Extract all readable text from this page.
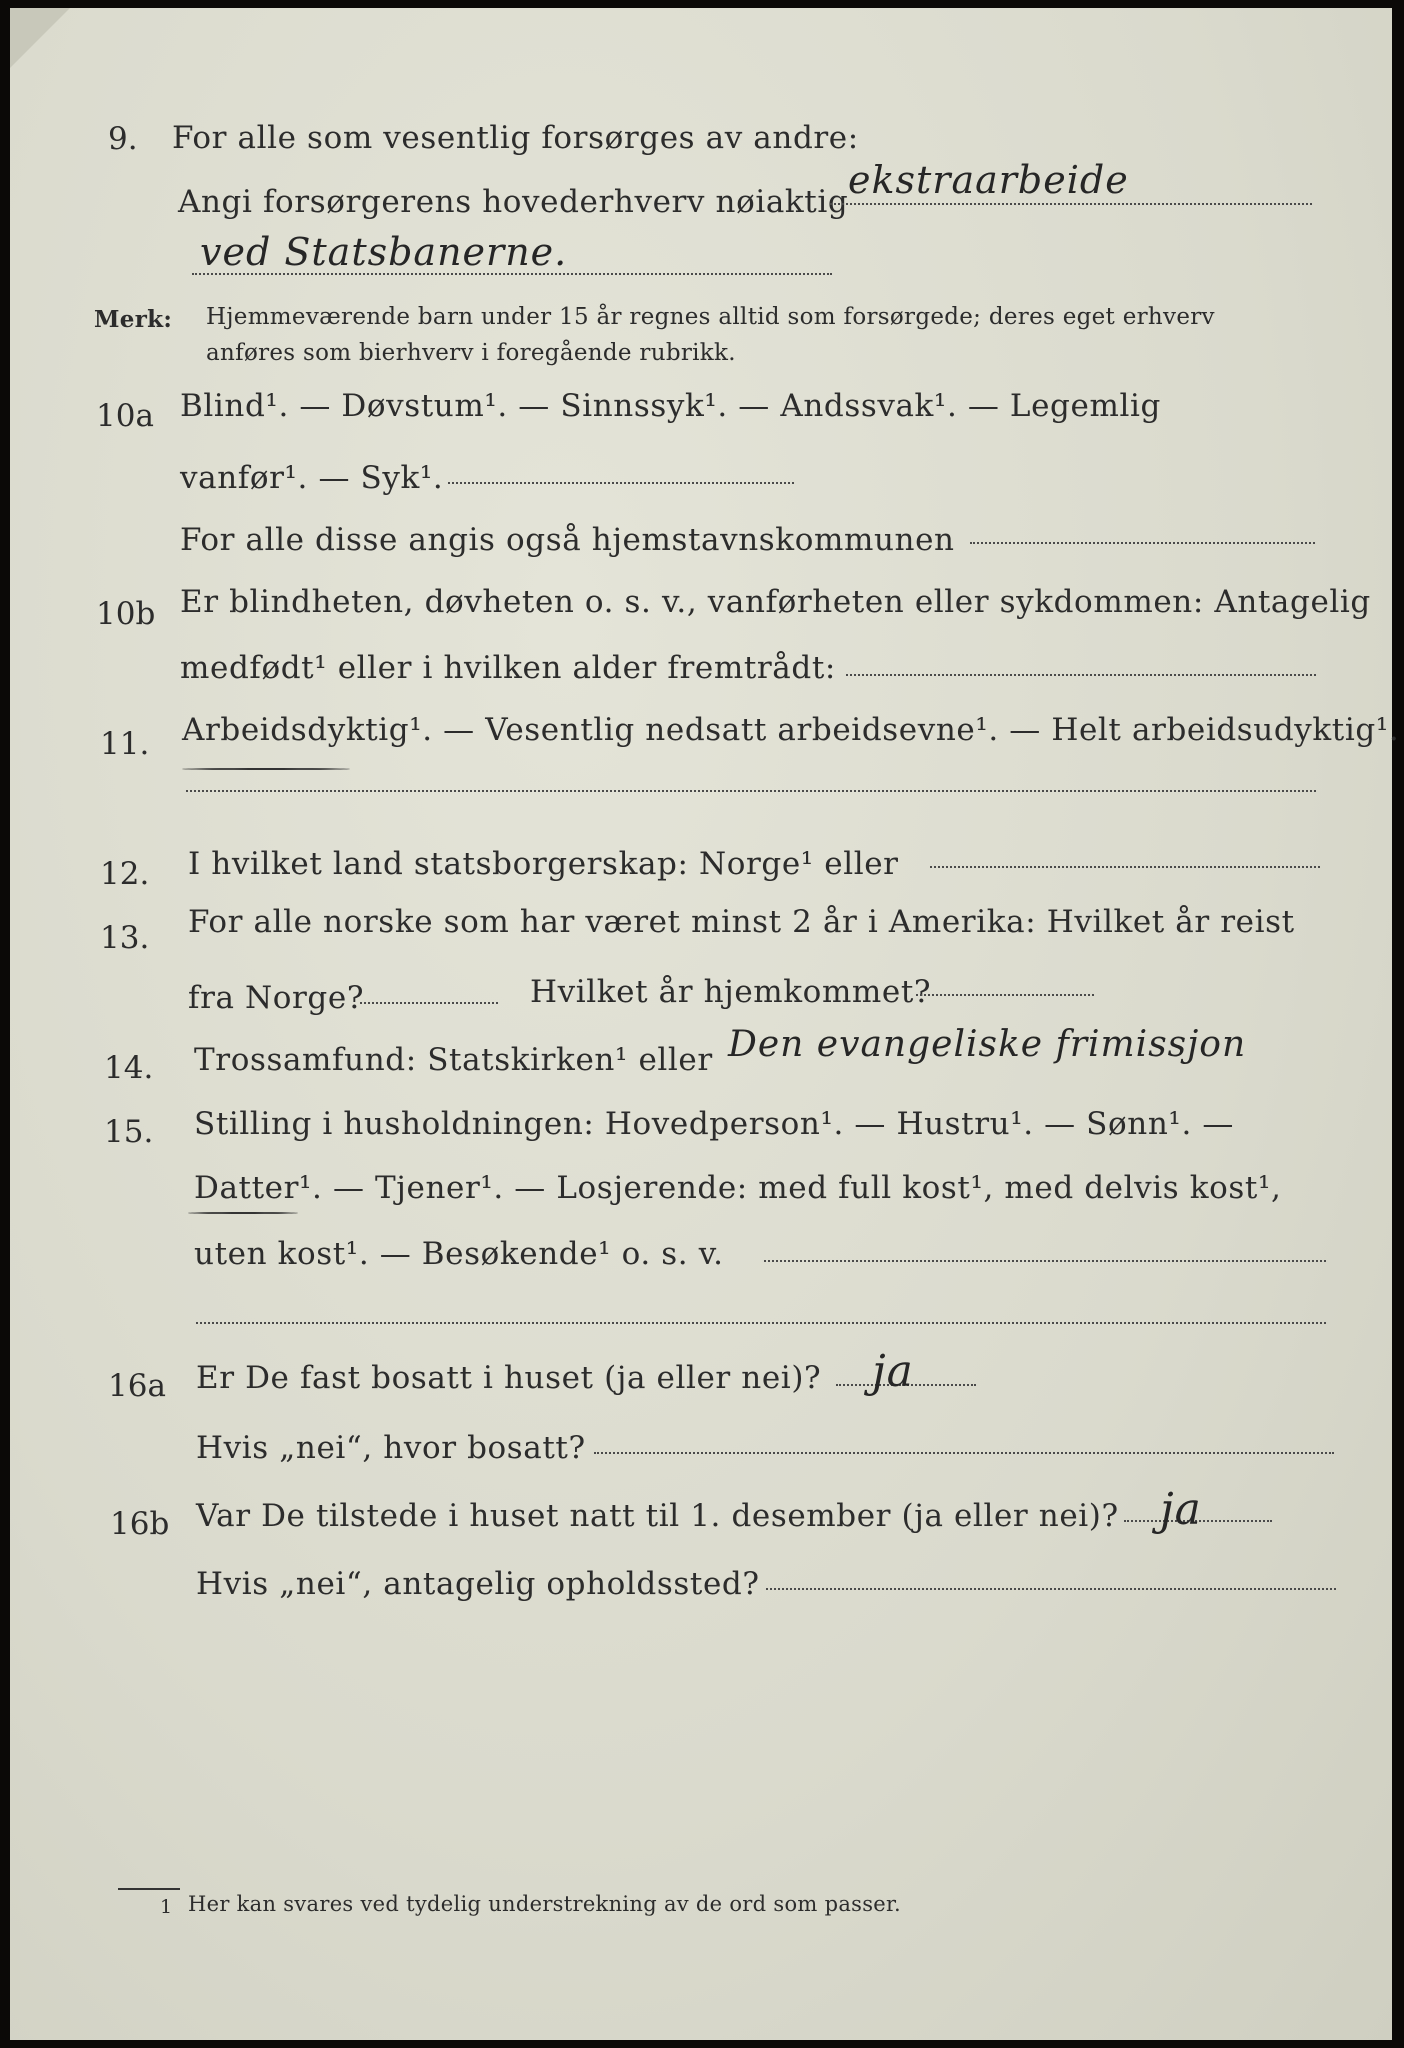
9. For alle som vesentlig forsørges av andre:
Angi forsørgerens hovederhverv nøiaktig ekstraarbeide
ved Statsbanerne.
Merk: Hjemmeværende barn under 15 år regnes alltid som forsørgede; deres eget erhverv
anføres som bierhverv i foregående rubrikk.
10a Blind¹. — Døvstum¹. — Sinnssyk¹. — Andssvak¹. — Legemlig
vanfør¹. — Syk¹.
For alle disse angis også hjemstavnskommunen
10b Er blindheten, døvheten o. s. v., vanførheten eller sykdommen: Antagelig
medfødt¹ eller i hvilken alder fremtrådt:
11. Arbeidsdyktig¹. — Vesentlig nedsatt arbeidsevne¹. — Helt arbeidsudyktig¹.
12. I hvilket land statsborgerskap: Norge¹ eller
13. For alle norske som har været minst 2 år i Amerika: Hvilket år reist
fra Norge?	Hvilket år hjemkommet?
14. Trossamfund: Statskirken¹ eller Den evangeliske frimissjon
15. Stilling i husholdningen: Hovedperson¹. — Hustru¹. — Sønn¹. —
Datter¹. — Tjener¹. — Losjerende: med full kost¹, med delvis kost¹,
uten kost¹. — Besøkende¹ o. s. v.
16a Er De fast bosatt i huset (ja eller nei)? ja
Hvis „nei“, hvor bosatt?
16b Var De tilstede i huset natt til 1. desember (ja eller nei)? ja
Hvis „nei“, antagelig opholdssted?
1 Her kan svares ved tydelig understrekning av de ord som passer.
